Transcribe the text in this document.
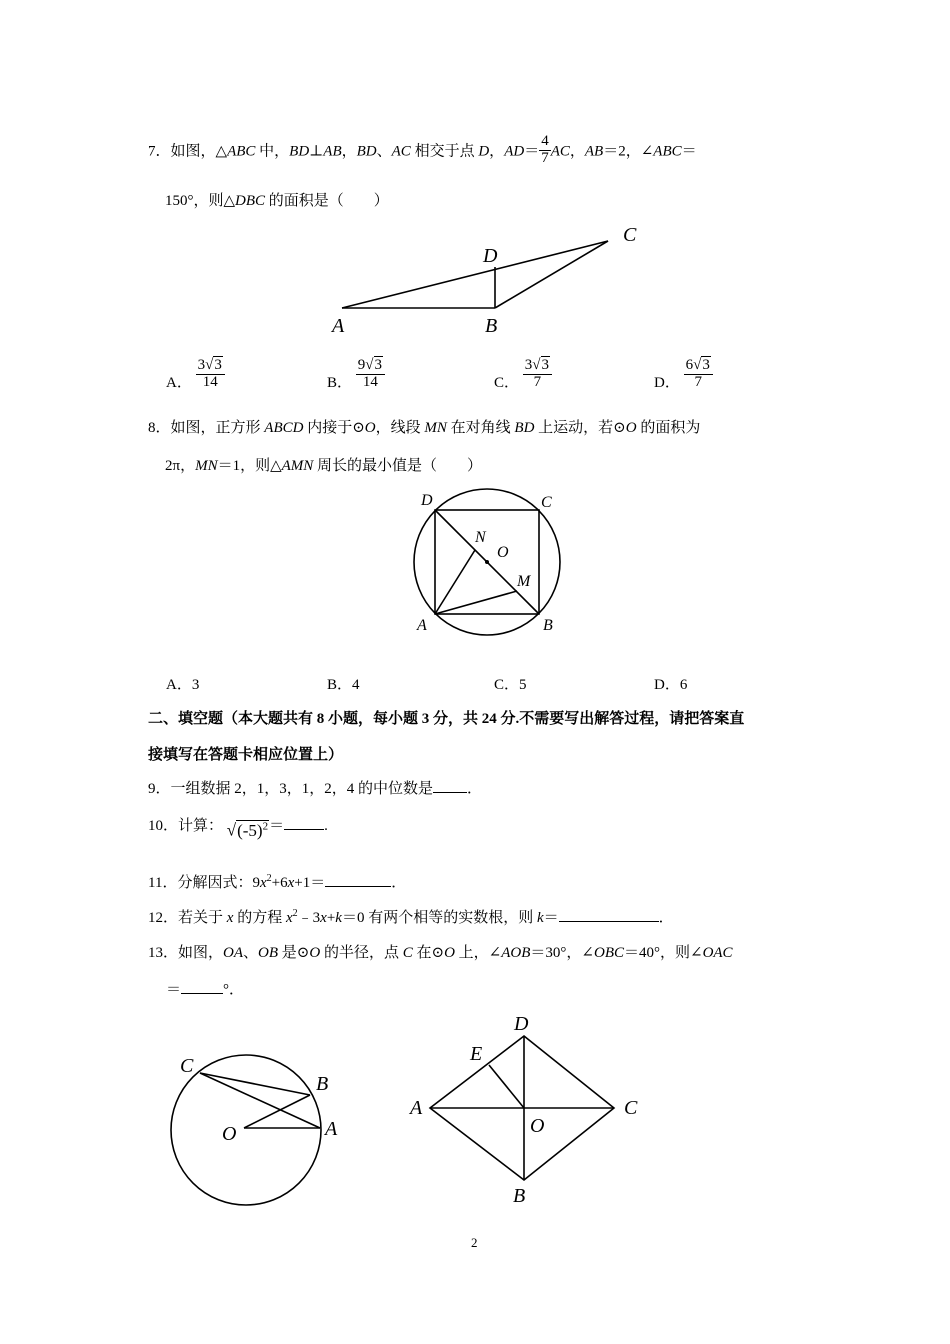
7．如图，△ABC 中，BD⊥AB，BD、AC 相交于点 D，$AD= \frac{4}{7}$ AC，AB＝2，∠ABC＝
150°，则△DBC 的面积是（　　）
C
D
A	B
A． $\frac{3√3}{14}$	B． $\frac{9√3}{14}$	C． $\frac{3√3}{7}$	D． $\frac{6√3}{7}$
8．如图，正方形 ABCD 内接于⊙O，线段 MN 在对角线 BD 上运动，若⊙O 的面积为
2π，MN＝1，则△AMN 周长的最小值是（　　）
D	C
N
O
M
A	B
A．3	B．4	C．5	D．6
二、填空题（本大题共有 8 小题，每小题 3 分，共 24 分.不需要写出解答过程，请把答案直
接填写在答题卡相应位置上）
9．一组数据 2，1，3，1，2，4 的中位数是 ．
10．计算： $√(-5)^2=$	.
11．分解因式：$9x^2+6x+1=$	．
12．若关于 x 的方程 $x^2﹣3x+k=0$ 有两个相等的实数根，则 k＝	．
13．如图，OA、OB 是⊙O 的半径，点 C 在⊙O 上，∠AOB＝30°，∠OBC＝40°，则∠OAC
＝	°．
C
B
O	A
D
E
A	C
O
B
2
